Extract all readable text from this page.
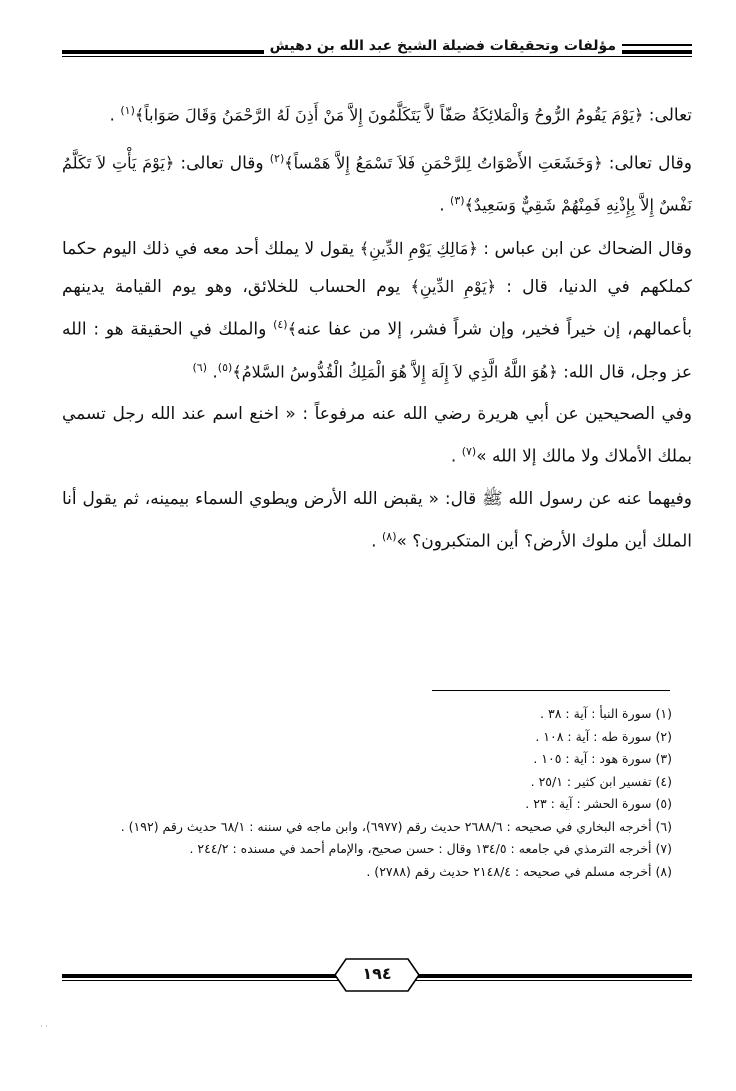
مؤلفات وتحقيقات فضيلة الشيخ عبد الله بن دهيش

تعالى: ﴿يَوْمَ يَقُومُ الرُّوحُ وَالْمَلائِكَةُ صَفّاً لاَّ يَتَكَلَّمُونَ إِلاَّ مَنْ أَذِنَ لَهُ الرَّحْمَنُ وَقَالَ صَوَاباً﴾$^{(١)}$ .

وقال تعالى: ﴿وَخَشَعَتِ الأَصْوَاتُ لِلرَّحْمَنِ فَلاَ تَسْمَعُ إِلاَّ هَمْساً﴾$^{(٢)}$ وقال تعالى: ﴿يَوْمَ يَأْتِ لاَ تَكَلَّمُ نَفْسٌ إِلاَّ بِإِذْنِهِ فَمِنْهُمْ شَقِيٌّ وَسَعِيدٌ﴾$^{(٣)}$ .

وقال الضحاك عن ابن عباس : ﴿مَالِكِ يَوْمِ الدِّينِ﴾ يقول لا يملك أحد معه في ذلك اليوم حكما كملكهم في الدنيا، قال : ﴿يَوْمِ الدِّينِ﴾ يوم الحساب للخلائق، وهو يوم القيامة يدينهم بأعمالهم، إن خيراً فخير، وإن شراً فشر، إلا من عفا عنه﴾$^{(٤)}$ والملك في الحقيقة هو : الله عز وجل، قال الله: ﴿هُوَ اللَّهُ الَّذِي لاَ إِلَهَ إِلاَّ هُوَ الْمَلِكُ الْقُدُّوسُ السَّلامُ﴾$^{(٥)}$. $^{(٦)}$

وفي الصحيحين عن أبي هريرة رضي الله عنه مرفوعاً : « اخنع اسم عند الله رجل تسمي بملك الأملاك ولا مالك إلا الله »$^{(٧)}$ .

وفيهما عنه عن رسول الله ﷺ قال: « يقبض الله الأرض ويطوي السماء بيمينه، ثم يقول أنا الملك أين ملوك الأرض؟ أين المتكبرون؟ »$^{(٨)}$ .

(١) سورة النبأ : آية : ٣٨ .
(٢) سورة طه : آية : ١٠٨ .
(٣) سورة هود : آية : ١٠٥ .
(٤) تفسير ابن كثير : ٢٥/١ .
(٥) سورة الحشر : آية : ٢٣ .
(٦) أخرجه البخاري في صحيحه : ٢٦٨٨/٦ حديث رقم (٦٩٧٧)، وابن ماجه في سننه : ٦٨/١ حديث رقم (١٩٢) .
(٧) أخرجه الترمذي في جامعه : ١٣٤/٥ وقال : حسن صحيح، والإمام أحمد في مسنده : ٢٤٤/٢ .
(٨) أخرجه مسلم في صحيحه : ٢١٤٨/٤ حديث رقم (٢٧٨٨) .
١٩٤
· ·
